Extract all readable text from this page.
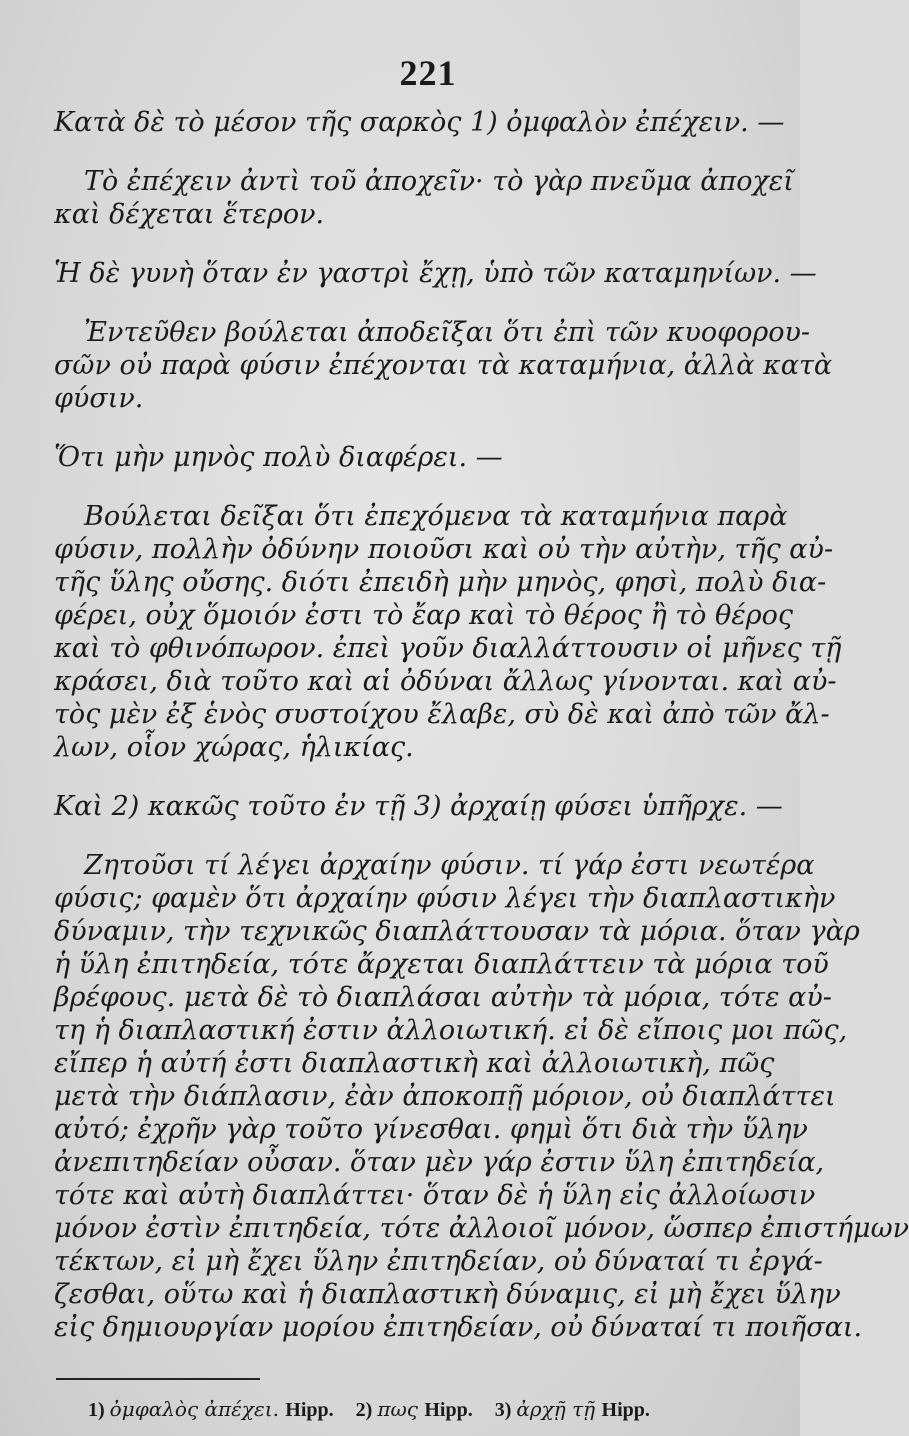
221
Κατὰ δὲ τὸ μέσον τῆς σαρκὸς 1) ὀμφαλὸν ἐπέχειν. —
Τὸ ἐπέχειν ἀντὶ τοῦ ἀποχεῖν· τὸ γὰρ πνεῦμα ἀποχεῖ
καὶ δέχεται ἕτερον.
Ἡ δὲ γυνὴ ὅταν ἐν γαστρὶ ἔχῃ, ὑπὸ τῶν καταμηνίων. —
Ἐντεῦθεν βούλεται ἀποδεῖξαι ὅτι ἐπὶ τῶν κυοφορου-
σῶν οὐ παρὰ φύσιν ἐπέχονται τὰ καταμήνια, ἀλλὰ κατὰ
φύσιν.
Ὅτι μὴν μηνὸς πολὺ διαφέρει. —
Βούλεται δεῖξαι ὅτι ἐπεχόμενα τὰ καταμήνια παρὰ
φύσιν, πολλὴν ὀδύνην ποιοῦσι καὶ οὐ τὴν αὐτὴν, τῆς αὐ-
τῆς ὕλης οὔσης. διότι ἐπειδὴ μὴν μηνὸς, φησὶ, πολὺ δια-
φέρει, οὐχ ὅμοιόν ἐστι τὸ ἔαρ καὶ τὸ θέρος ἢ τὸ θέρος
καὶ τὸ φθινόπωρον. ἐπεὶ γοῦν διαλλάττουσιν οἱ μῆνες τῇ
κράσει, διὰ τοῦτο καὶ αἱ ὀδύναι ἄλλως γίνονται. καὶ αὐ-
τὸς μὲν ἐξ ἑνὸς συστοίχου ἔλαβε, σὺ δὲ καὶ ἀπὸ τῶν ἄλ-
λων, οἷον χώρας, ἡλικίας.
Καὶ 2) κακῶς τοῦτο ἐν τῇ 3) ἀρχαίῃ φύσει ὑπῆρχε. —
Ζητοῦσι τί λέγει ἀρχαίην φύσιν. τί γάρ ἐστι νεωτέρα
φύσις; φαμὲν ὅτι ἀρχαίην φύσιν λέγει τὴν διαπλαστικὴν
δύναμιν, τὴν τεχνικῶς διαπλάττουσαν τὰ μόρια. ὅταν γὰρ
ἡ ὕλη ἐπιτηδεία, τότε ἄρχεται διαπλάττειν τὰ μόρια τοῦ
βρέφους. μετὰ δὲ τὸ διαπλάσαι αὐτὴν τὰ μόρια, τότε αὐ-
τη ἡ διαπλαστική ἐστιν ἀλλοιωτική. εἰ δὲ εἴποις μοι πῶς,
εἴπερ ἡ αὐτή ἐστι διαπλαστικὴ καὶ ἀλλοιωτικὴ, πῶς
μετὰ τὴν διάπλασιν, ἐὰν ἀποκοπῇ μόριον, οὐ διαπλάττει
αὐτό; ἐχρῆν γὰρ τοῦτο γίνεσθαι. φημὶ ὅτι διὰ τὴν ὕλην
ἀνεπιτηδείαν οὖσαν. ὅταν μὲν γάρ ἐστιν ὕλη ἐπιτηδεία,
τότε καὶ αὐτὴ διαπλάττει· ὅταν δὲ ἡ ὕλη εἰς ἀλλοίωσιν
μόνον ἐστὶν ἐπιτηδεία, τότε ἀλλοιοῖ μόνον, ὥσπερ ἐπιστήμων
τέκτων, εἰ μὴ ἔχει ὕλην ἐπιτηδείαν, οὐ δύναταί τι ἐργά-
ζεσθαι, οὕτω καὶ ἡ διαπλαστικὴ δύναμις, εἰ μὴ ἔχει ὕλην
εἰς δημιουργίαν μορίου ἐπιτηδείαν, οὐ δύναταί τι ποιῆσαι.
1) ὀμφαλὸς ἀπέχει. Hipp. 2) πως Hipp. 3) ἀρχῇ τῇ Hipp.
